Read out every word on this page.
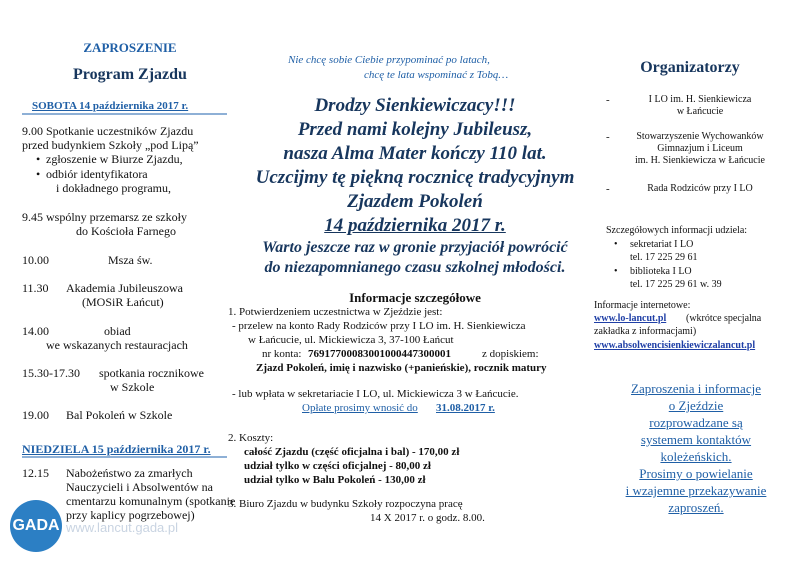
ZAPROSZENIE
Program Zjazdu
SOBOTA 14 października 2017 r.
9.00 Spotkanie uczestników Zjazdu
przed budynkiem Szkoły „pod Lipą”
• zgłoszenie w Biurze Zjazdu,
• odbiór identyfikatora
i dokładnego programu,
9.45 wspólny przemarsz ze szkoły
do Kościoła Farnego
10.00	Msza św.
11.30 Akademia Jubileuszowa
(MOSiR Łańcut)
14.00	obiad
we wskazanych restauracjach
15.30-17.30 spotkania rocznikowe
w Szkole
19.00 Bal Pokoleń w Szkole
NIEDZIELA 15 października 2017 r.
12.15 Nabożeństwo za zmarłych
Nauczycieli i Absolwentów na
cmentarzu komunalnym (spotkanie
przy kaplicy pogrzebowej)
Nie chcę sobie Ciebie przypominać po latach,
chcę te lata wspominać z Tobą…
Drodzy Sienkiewiczacy!!!
Przed nami kolejny Jubileusz,
nasza Alma Mater kończy 110 lat.
Uczcijmy tę piękną rocznicę tradycyjnym
Zjazdem Pokoleń
14 października 2017 r.
Warto jeszcze raz w gronie przyjaciół powrócić
do niezapomnianego czasu szkolnej młodości.
Informacje szczegółowe
1. Potwierdzeniem uczestnictwa w Zjeździe jest:
- przelew na konto Rady Rodziców przy I LO im. H. Sienkiewicza
w Łańcucie, ul. Mickiewicza 3, 37-100 Łańcut
nr konta: 76917700083001000447300001	z dopiskiem:
Zjazd Pokoleń, imię i nazwisko (+panieńskie), rocznik matury
- lub wpłata w sekretariacie I LO, ul. Mickiewicza 3 w Łańcucie.
Opłate prosimy wnosić do 31.08.2017 r.
2. Koszty:
całość Zjazdu (część oficjalna i bal) - 170,00 zł
udział tylko w części oficjalnej - 80,00 zł
udział tylko w Balu Pokoleń - 130,00 zł
3. Biuro Zjazdu w budynku Szkoły rozpoczyna pracę
14 X 2017 r. o godz. 8.00.
Organizatorzy
-	I LO im. H. Sienkiewicza
w Łańcucie
-	Stowarzyszenie Wychowanków
Gimnazjum i Liceum
im. H. Sienkiewicza w Łańcucie
-	Rada Rodziców przy I LO
Szczegółowych informacji udziela:
• sekretariat I LO
tel. 17 225 29 61
• biblioteka I LO
tel. 17 225 29 61 w. 39
Informacje internetowe:
www.lo-lancut.pl (wkrótce specjalna
zakładka z informacjami)
www.absolwencisienkiewiczalancut.pl
Zaproszenia i informacje
o Zjeździe
rozprowadzane są
systemem kontaktów
koleżeńskich.
Prosimy o powielanie
i wzajemne przekazywanie
zaproszeń.
GADA www.lancut.gada.pl
